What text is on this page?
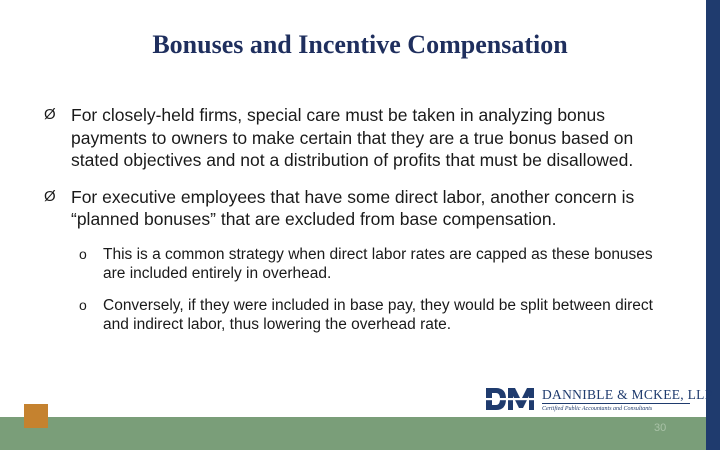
Bonuses and Incentive Compensation
Ø For closely-held firms, special care must be taken in analyzing bonus payments to owners to make certain that they are a true bonus based on stated objectives and not a distribution of profits that must be disallowed.
Ø For executive employees that have some direct labor, another concern is “planned bonuses” that are excluded from base compensation.
o This is a common strategy when direct labor rates are capped as these bonuses are included entirely in overhead.
o Conversely, if they were included in base pay, they would be split between direct and indirect labor, thus lowering the overhead rate.
DANNIBLE & MCKEE, LLP
Certified Public Accountants and Consultants
30
